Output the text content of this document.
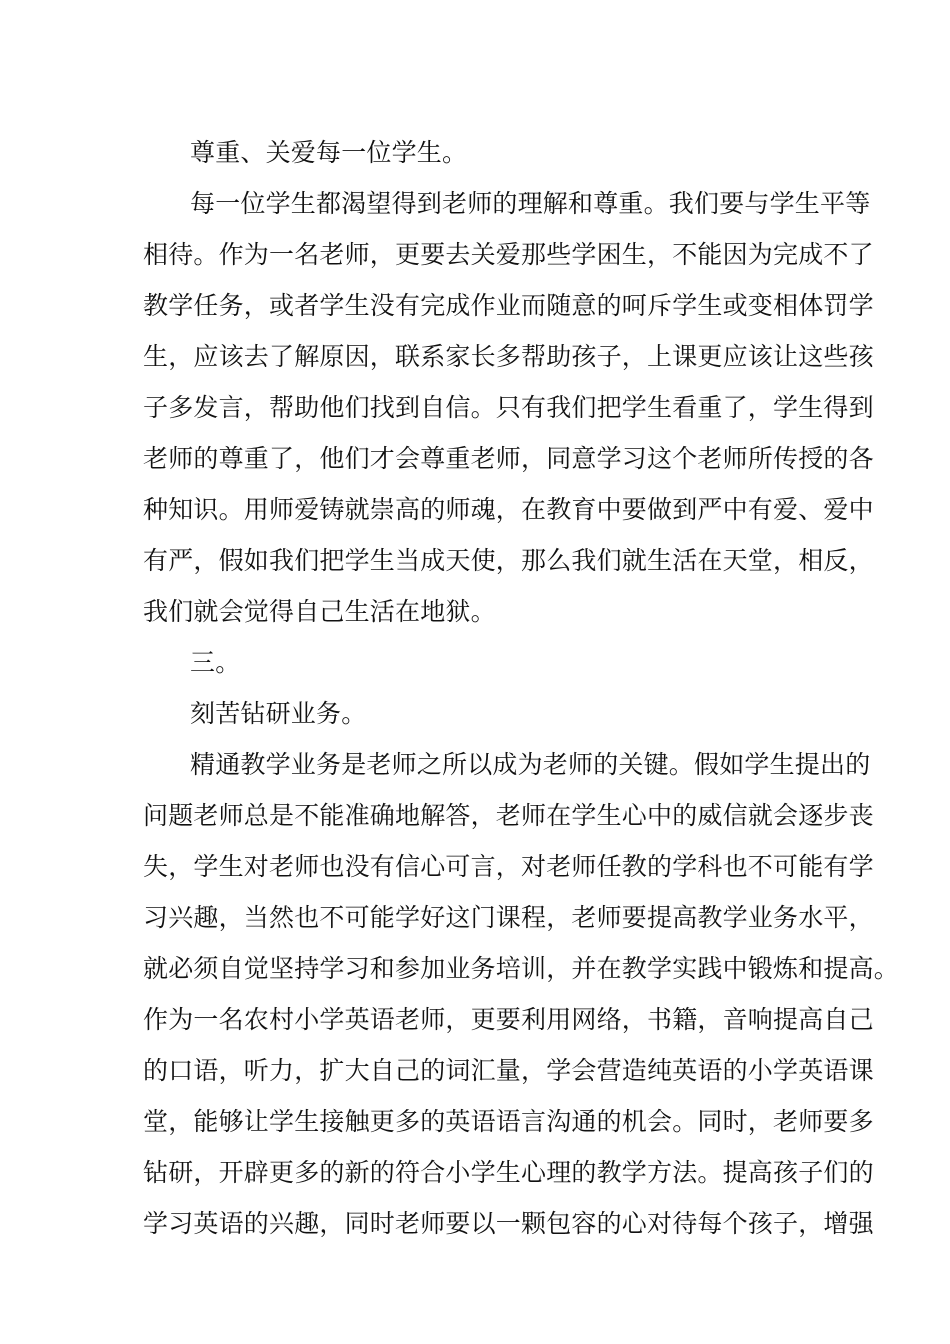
尊重、关爱每一位学生。

每一位学生都渴望得到老师的理解和尊重。我们要与学生平等

相待。作为一名老师，更要去关爱那些学困生，不能因为完成不了

教学任务，或者学生没有完成作业而随意的呵斥学生或变相体罚学

生，应该去了解原因，联系家长多帮助孩子，上课更应该让这些孩

子多发言，帮助他们找到自信。只有我们把学生看重了，学生得到

老师的尊重了，他们才会尊重老师，同意学习这个老师所传授的各

种知识。用师爱铸就崇高的师魂，在教育中要做到严中有爱、爱中

有严，假如我们把学生当成天使，那么我们就生活在天堂，相反，

我们就会觉得自己生活在地狱。

三。

刻苦钻研业务。

精通教学业务是老师之所以成为老师的关键。假如学生提出的

问题老师总是不能准确地解答，老师在学生心中的威信就会逐步丧

失，学生对老师也没有信心可言，对老师任教的学科也不可能有学

习兴趣，当然也不可能学好这门课程，老师要提高教学业务水平，

就必须自觉坚持学习和参加业务培训，并在教学实践中锻炼和提高。

作为一名农村小学英语老师，更要利用网络，书籍，音响提高自己

的口语，听力，扩大自己的词汇量，学会营造纯英语的小学英语课

堂，能够让学生接触更多的英语语言沟通的机会。同时，老师要多

钻研，开辟更多的新的符合小学生心理的教学方法。提高孩子们的

学习英语的兴趣，同时老师要以一颗包容的心对待每个孩子，增强
